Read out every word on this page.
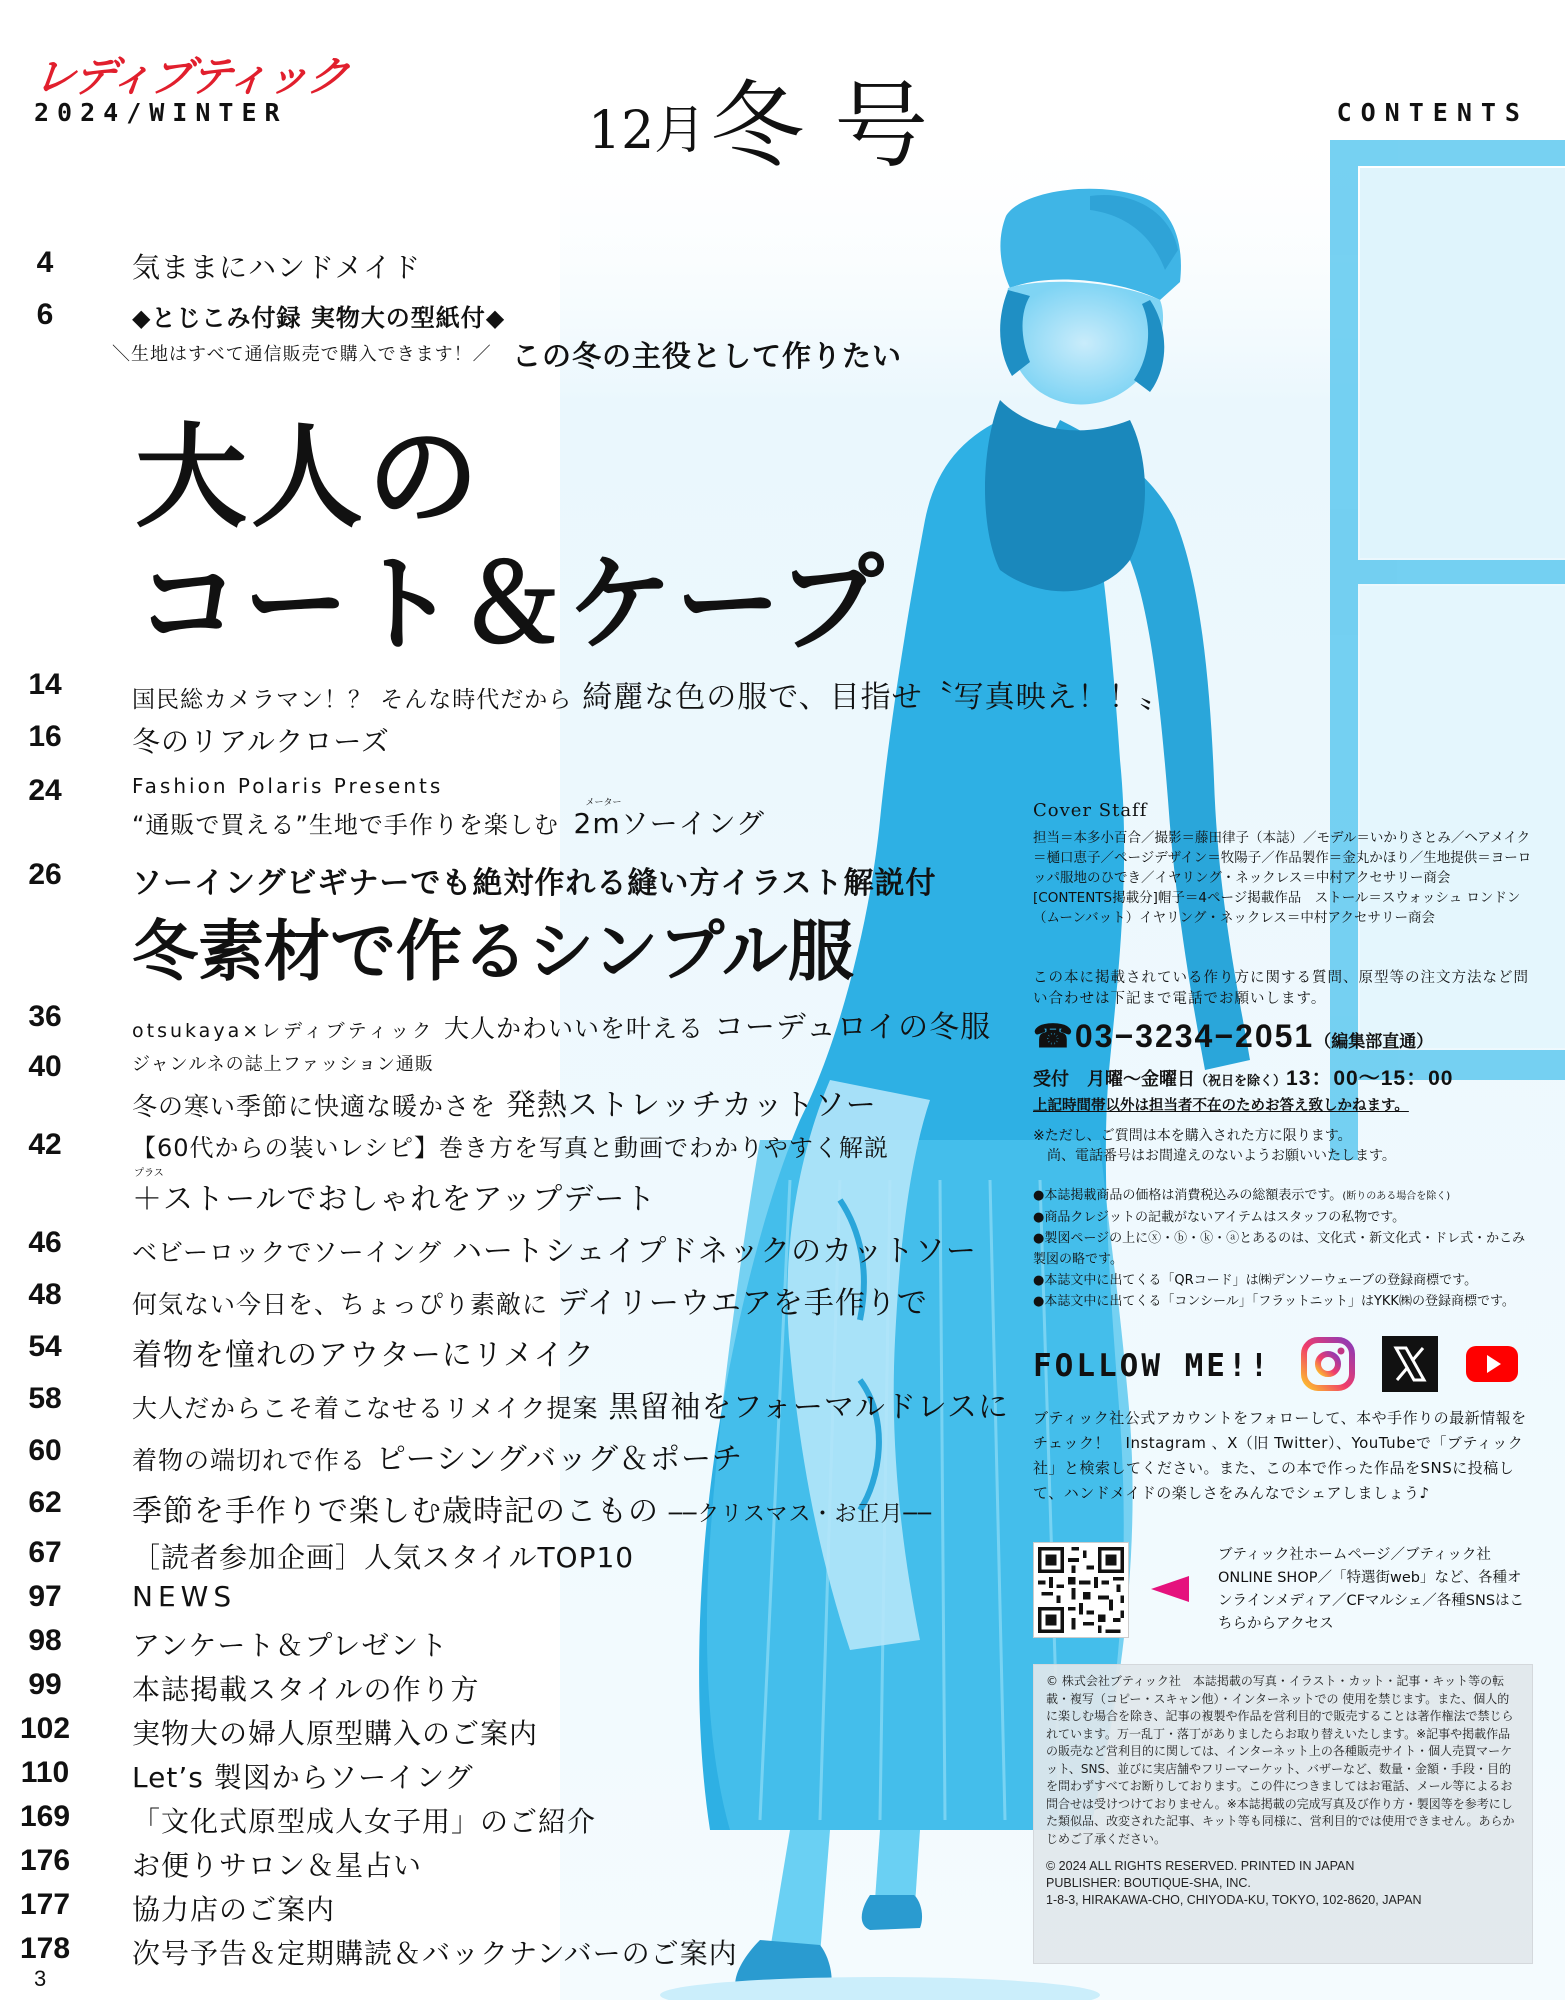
レディブティック
2024/WINTER	12月冬号	CONTENTS
4	気ままにハンドメイド
6	◆とじこみ付録 実物大の型紙付◆
＼生地はすべて通信販売で購入できます！／ この冬の主役として作りたい
大人の
コート＆ケープ
14	国民総カメラマン！？ そんな時代だから 綺麗な色の服で、目指せ〝写真映え！！〟
16	冬のリアルクローズ
24	Fashion Polaris Presents
“通販で買える”生地で手作りを楽しむ
メーター
2mソーイング
26	ソーイングビギナーでも絶対作れる縫い方イラスト解説付
冬素材で作るシンプル服
36	otsukaya×レディブティック 大人かわいいを叶える コーデュロイの冬服
40	ジャンルネの誌上ファッション通販
冬の寒い季節に快適な暖かさを 発熱ストレッチカットソー
42	【60代からの装いレシピ】巻き方を写真と動画でわかりやすく解説
プラス
＋ストールでおしゃれをアップデート
46	ベビーロックでソーイング ハートシェイプドネックのカットソー
48	何気ない今日を、ちょっぴり素敵に デイリーウエアを手作りで
54	着物を憧れのアウターにリメイク
58	大人だからこそ着こなせるリメイク提案 黒留袖をフォーマルドレスに
60	着物の端切れで作る ピーシングバッグ＆ポーチ
62	季節を手作りで楽しむ歳時記のこもの ──クリスマス・お正月──
67	［読者参加企画］人気スタイルTOP10
97	NEWS
98	アンケート＆プレゼント
99	本誌掲載スタイルの作り方
102	実物大の婦人原型購入のご案内
110	Let’s 製図からソーイング
169	「文化式原型成人女子用」のご紹介
176	お便りサロン＆星占い
177	協力店のご案内
178	次号予告＆定期購読＆バックナンバーのご案内
3
Cover Staff
担当＝本多小百合／撮影＝藤田律子（本誌）／モデル＝いかりさとみ／ヘアメイク＝樋口恵子／ページデザイン＝牧陽子／作品製作＝金丸かほり／生地提供＝ヨーロッパ服地のひでき／イヤリング・ネックレス＝中村アクセサリー商会　[CONTENTS掲載分]帽子＝4ページ掲載作品　ストール＝スウォッシュ ロンドン（ムーンバット）イヤリング・ネックレス＝中村アクセサリー商会
この本に掲載されている作り方に関する質問、原型等の注文方法など問い合わせは下記まで電話でお願いします。
☎03−3234−2051（編集部直通）
受付　月曜～金曜日（祝日を除く）13：00～15：00
上記時間帯以外は担当者不在のためお答え致しかねます。
※ただし、ご質問は本を購入された方に限ります。
　尚、電話番号はお間違えのないようお願いいたします。
●本誌掲載商品の価格は消費税込みの総額表示です。(断りのある場合を除く)
●商品クレジットの記載がないアイテムはスタッフの私物です。
●製図ページの上にⓧ・ⓑ・ⓚ・ⓐとあるのは、文化式・新文化式・ドレ式・かこみ製図の略です。
●本誌文中に出てくる「QRコード」は㈱デンソーウェーブの登録商標です。
●本誌文中に出てくる「コンシール」「フラットニット」はYKK㈱の登録商標です。
FOLLOW ME!!
ブティック社公式アカウントをフォローして、本や手作りの最新情報をチェック！　Instagram 、X（旧 Twitter）、YouTubeで「ブティック社」と検索してください。また、この本で作った作品をSNSに投稿して、ハンドメイドの楽しさをみんなでシェアしましょう♪
ブティック社ホームページ／ブティック社ONLINE SHOP／「特選街web」など、各種オンラインメディア／CFマルシェ／各種SNSはこちらからアクセス
© 株式会社ブティック社　本誌掲載の写真・イラスト・カット・記事・キット等の転載・複写（コピー・スキャン他）・インターネットでの 使用を禁じます。また、個人的に楽しむ場合を除き、記事の複製や作品を営利目的で販売することは著作権法で禁じられています。万一乱丁・落丁がありましたらお取り替えいたします。※記事や掲載作品の販売など営利目的に関しては、インターネット上の各種販売サイト・個人売買マーケット、SNS、並びに実店舗やフリーマーケット、バザーなど、数量・金額・手段・目的を問わずすべてお断りしております。この件につきましてはお電話、メール等によるお問合せは受けつけておりません。※本誌掲載の完成写真及び作り方・製図等を参考にした類似品、改変された記事、キット等も同様に、営利目的では使用できません。あらかじめご了承ください。
© 2024 ALL RIGHTS RESERVED. PRINTED IN JAPAN
PUBLISHER: BOUTIQUE-SHA, INC.
1-8-3, HIRAKAWA-CHO, CHIYODA-KU, TOKYO, 102-8620, JAPAN
